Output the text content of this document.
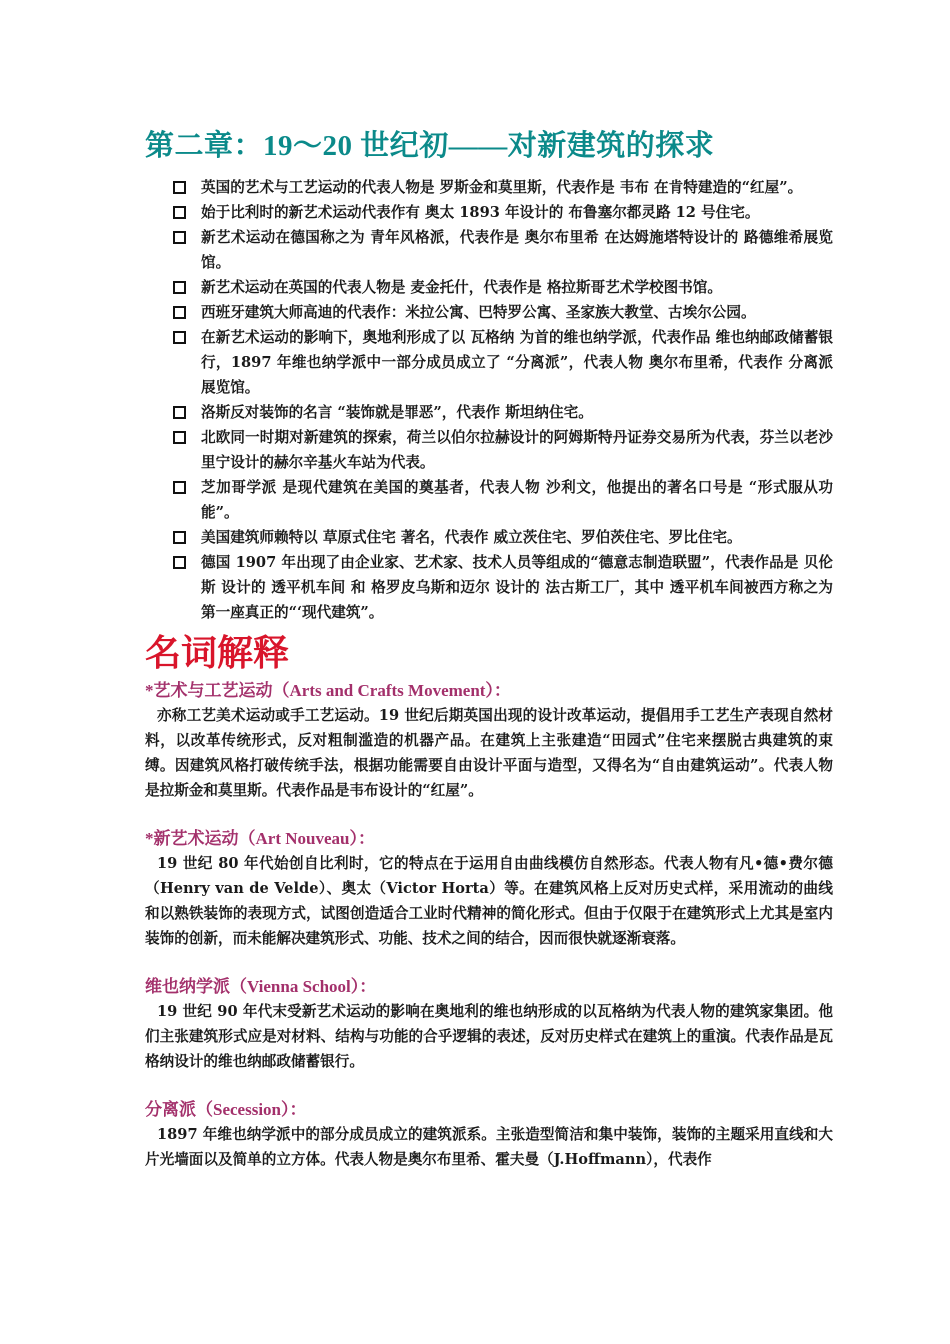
第二章：19～20 世纪初——对新建筑的探求
英国的艺术与工艺运动的代表人物是 罗斯金和莫里斯，代表作是 韦布 在肯特建造的“红屋”。
始于比利时的新艺术运动代表作有 奥太 1893 年设计的 布鲁塞尔都灵路 12 号住宅。
新艺术运动在德国称之为 青年风格派，代表作是 奥尔布里希 在达姆施塔特设计的 路德维希展览馆。
新艺术运动在英国的代表人物是 麦金托什，代表作是 格拉斯哥艺术学校图书馆。
西班牙建筑大师高迪的代表作：米拉公寓、巴特罗公寓、圣家族大教堂、古埃尔公园。
在新艺术运动的影响下，奥地利形成了以 瓦格纳 为首的维也纳学派，代表作品 维也纳邮政储蓄银行，1897 年维也纳学派中一部分成员成立了 “分离派”，代表人物 奥尔布里希，代表作 分离派展览馆。
洛斯反对装饰的名言 “装饰就是罪恶”，代表作 斯坦纳住宅。
北欧同一时期对新建筑的探索，荷兰以伯尔拉赫设计的阿姆斯特丹证券交易所为代表，芬兰以老沙里宁设计的赫尔辛基火车站为代表。
芝加哥学派 是现代建筑在美国的奠基者，代表人物 沙利文，他提出的著名口号是 “形式服从功能”。
美国建筑师赖特以 草原式住宅 著名，代表作 威立茨住宅、罗伯茨住宅、罗比住宅。
德国 1907 年出现了由企业家、艺术家、技术人员等组成的“德意志制造联盟”，代表作品是 贝伦斯 设计的 透平机车间 和 格罗皮乌斯和迈尔 设计的 法古斯工厂，其中 透平机车间被西方称之为第一座真正的“‘现代建筑”。
名词解释
*艺术与工艺运动（Arts and Crafts Movement）：

亦称工艺美术运动或手工艺运动。19 世纪后期英国出现的设计改革运动，提倡用手工艺生产表现自然材料，以改革传统形式，反对粗制滥造的机器产品。在建筑上主张建造“田园式”住宅来摆脱古典建筑的束缚。因建筑风格打破传统手法，根据功能需要自由设计平面与造型，又得名为“自由建筑运动”。代表人物是拉斯金和莫里斯。代表作品是韦布设计的“红屋”。

*新艺术运动（Art Nouveau）：

19 世纪 80 年代始创自比利时，它的特点在于运用自由曲线模仿自然形态。代表人物有凡•德•费尔德（Henry van de Velde）、奥太（Victor Horta）等。在建筑风格上反对历史式样，采用流动的曲线和以熟铁装饰的表现方式，试图创造适合工业时代精神的简化形式。但由于仅限于在建筑形式上尤其是室内装饰的创新，而未能解决建筑形式、功能、技术之间的结合，因而很快就逐渐衰落。

维也纳学派（Vienna School）：

19 世纪 90 年代末受新艺术运动的影响在奥地利的维也纳形成的以瓦格纳为代表人物的建筑家集团。他们主张建筑形式应是对材料、结构与功能的合乎逻辑的表述，反对历史样式在建筑上的重演。代表作品是瓦格纳设计的维也纳邮政储蓄银行。

分离派（Secession）：

1897 年维也纳学派中的部分成员成立的建筑派系。主张造型简洁和集中装饰，装饰的主题采用直线和大片光墙面以及简单的立方体。代表人物是奥尔布里希、霍夫曼（J.Hoffmann），代表作
